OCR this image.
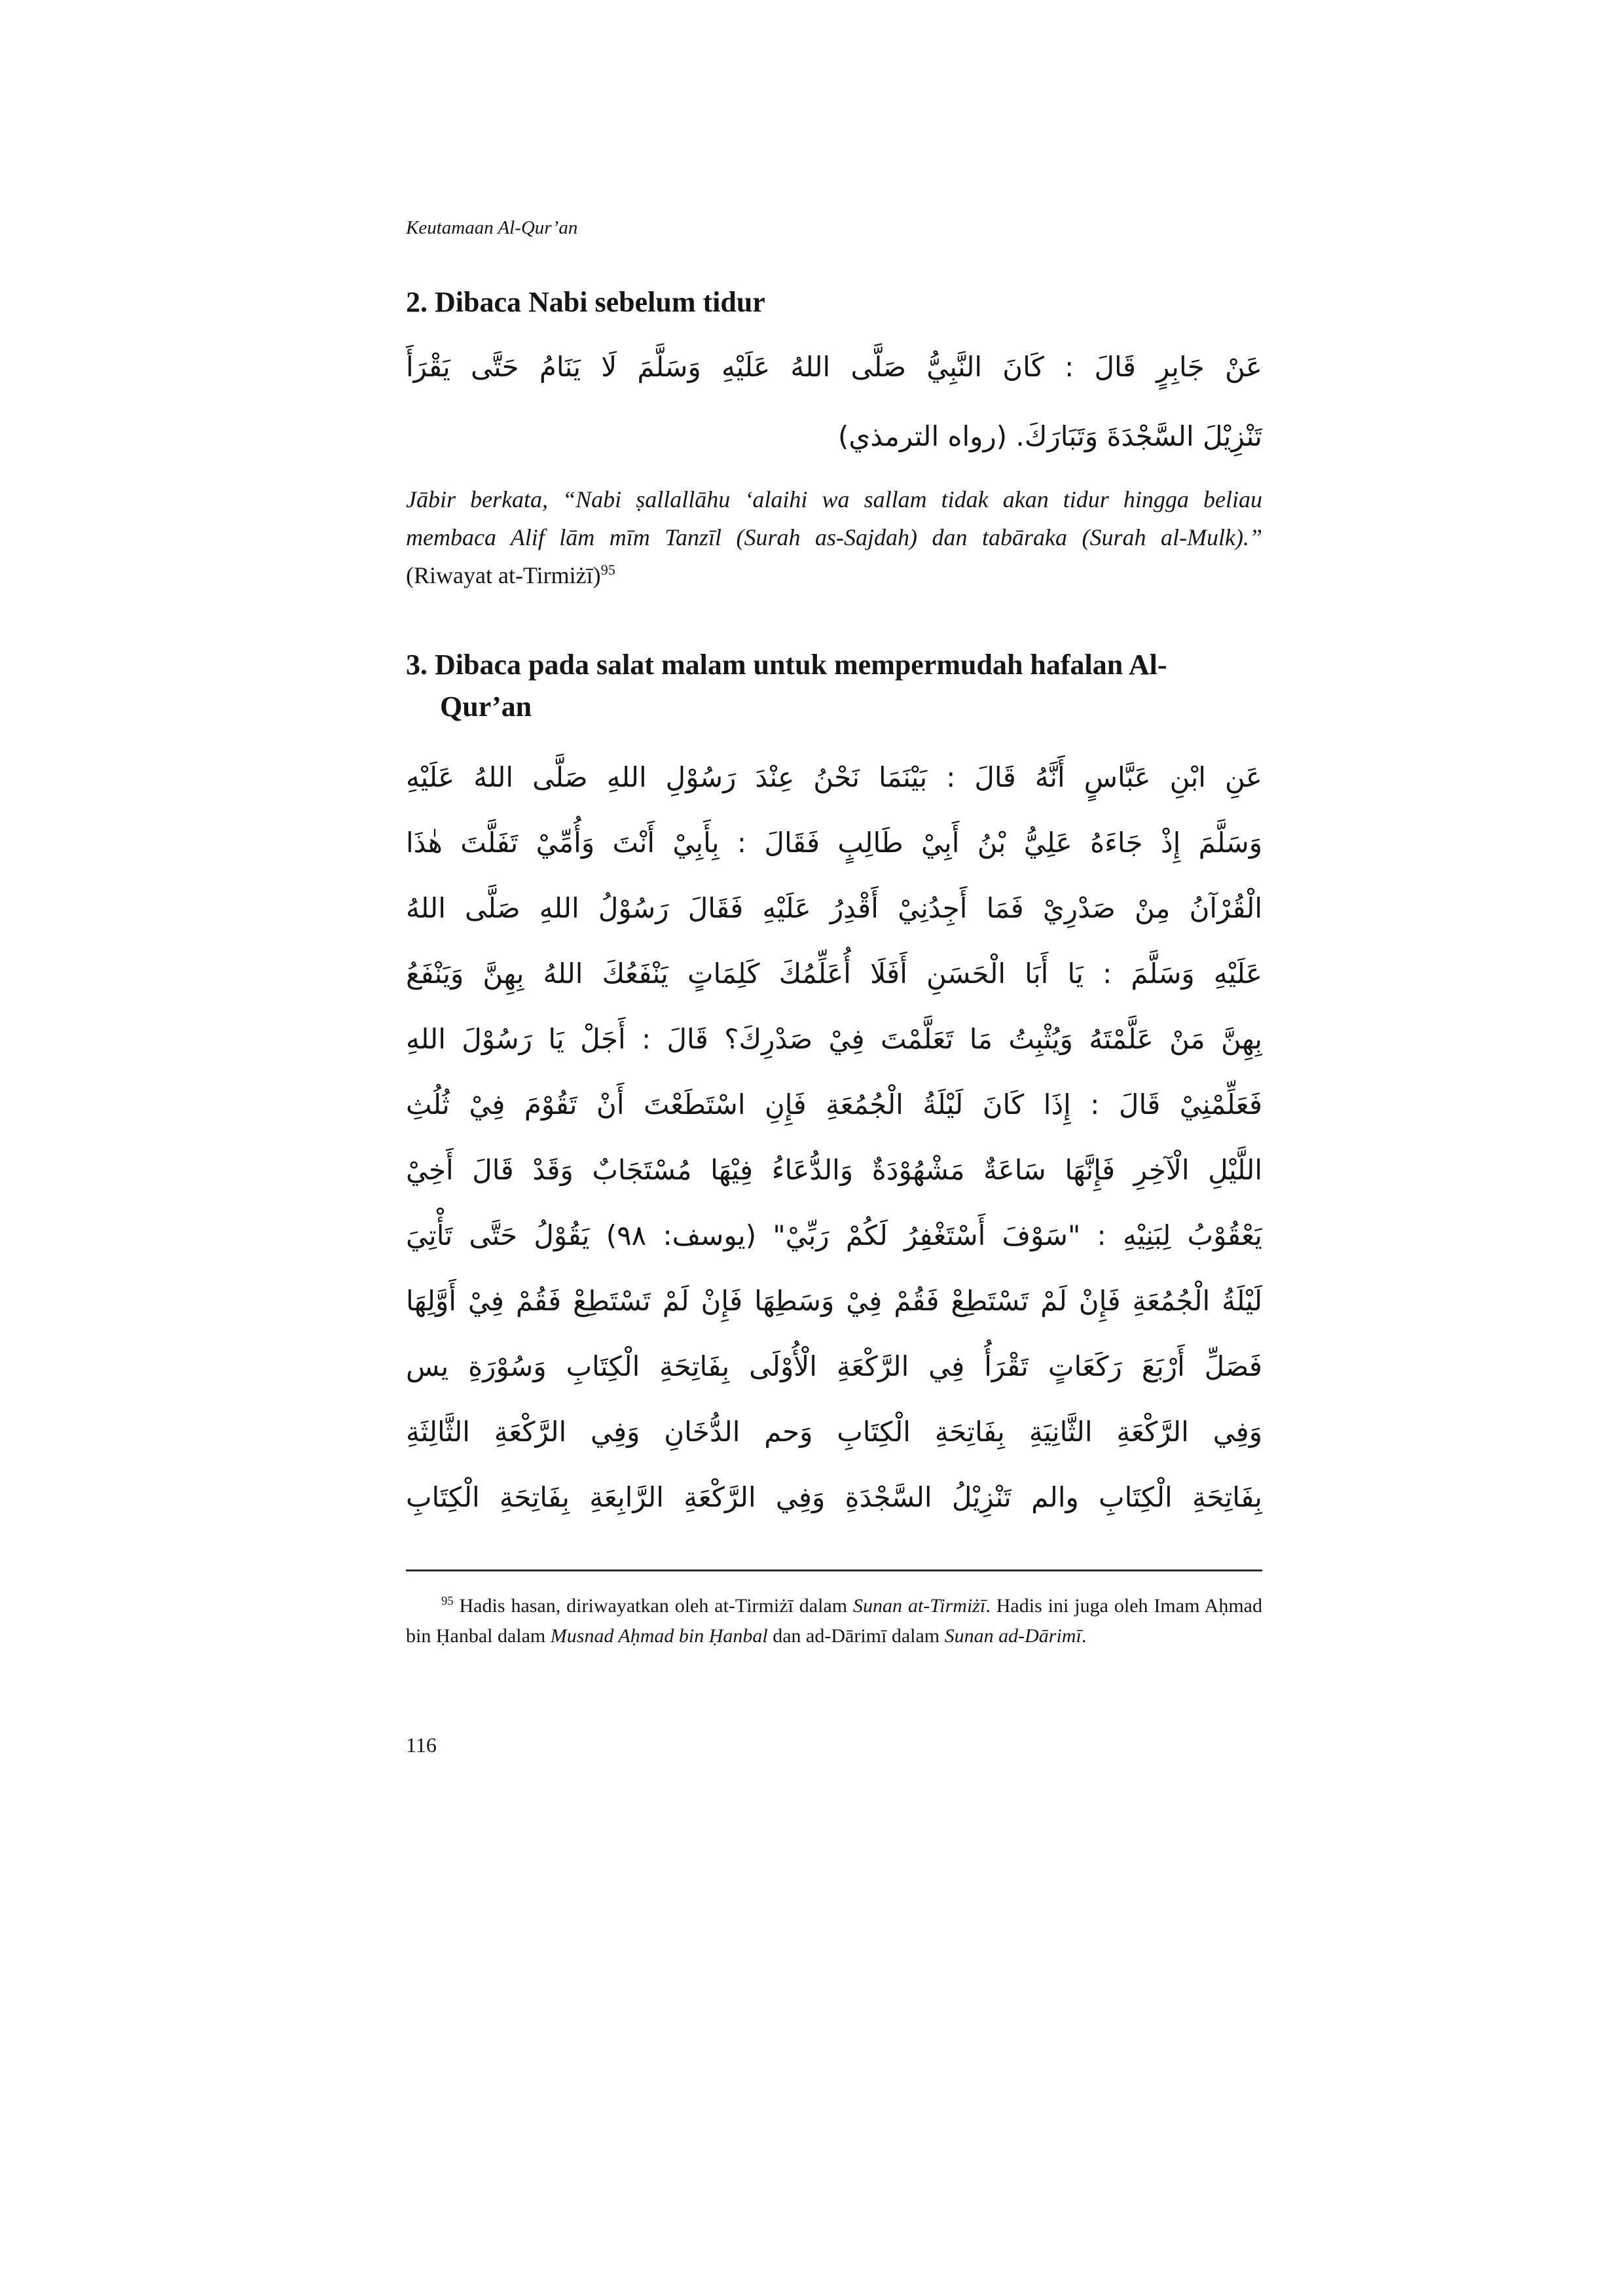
Keutamaan Al-Qur’an
2. Dibaca Nabi sebelum tidur
عَنْ جَابِرٍ قَالَ : كَانَ النَّبِيُّ صَلَّى اللهُ عَلَيْهِ وَسَلَّمَ لَا يَنَامُ حَتَّى يَقْرَأَ
تَنْزِيْلَ السَّجْدَةَ وَتَبَارَكَ. (رواه الترمذي)

Jābir berkata, “Nabi ṣallallāhu ‘alaihi wa sallam tidak akan tidur hingga beliau membaca Alif lām mīm Tanzīl (Surah as-Sajdah) dan tabāraka (Surah al-Mulk).” (Riwayat at-Tirmiżī)$^{95}$

3. Dibaca pada salat malam untuk mempermudah hafalan Al-
Qur’an
عَنِ ابْنِ عَبَّاسٍ أَنَّهُ قَالَ : بَيْنَمَا نَحْنُ عِنْدَ رَسُوْلِ اللهِ صَلَّى اللهُ عَلَيْهِ
وَسَلَّمَ إِذْ جَاءَهُ عَلِيُّ بْنُ أَبِيْ طَالِبٍ فَقَالَ : بِأَبِيْ أَنْتَ وَأُمِّيْ تَفَلَّتَ هٰذَا
الْقُرْآنُ مِنْ صَدْرِيْ فَمَا أَجِدُنِيْ أَقْدِرُ عَلَيْهِ فَقَالَ رَسُوْلُ اللهِ صَلَّى اللهُ
عَلَيْهِ وَسَلَّمَ : يَا أَبَا الْحَسَنِ أَفَلَا أُعَلِّمُكَ كَلِمَاتٍ يَنْفَعُكَ اللهُ بِهِنَّ وَيَنْفَعُ
بِهِنَّ مَنْ عَلَّمْتَهُ وَيُثْبِتُ مَا تَعَلَّمْتَ فِيْ صَدْرِكَ؟ قَالَ : أَجَلْ يَا رَسُوْلَ اللهِ
فَعَلِّمْنِيْ قَالَ : إِذَا كَانَ لَيْلَةُ الْجُمُعَةِ فَإِنِ اسْتَطَعْتَ أَنْ تَقُوْمَ فِيْ ثُلُثِ
اللَّيْلِ الْآخِرِ فَإِنَّهَا سَاعَةٌ مَشْهُوْدَةٌ وَالدُّعَاءُ فِيْهَا مُسْتَجَابٌ وَقَدْ قَالَ أَخِيْ
يَعْقُوْبُ لِبَنِيْهِ : "سَوْفَ أَسْتَغْفِرُ لَكُمْ رَبِّيْ" (يوسف: ٩٨) يَقُوْلُ حَتَّى تَأْتِيَ
لَيْلَةُ الْجُمُعَةِ فَإِنْ لَمْ تَسْتَطِعْ فَقُمْ فِيْ وَسَطِهَا فَإِنْ لَمْ تَسْتَطِعْ فَقُمْ فِيْ أَوَّلِهَا
فَصَلِّ أَرْبَعَ رَكَعَاتٍ تَقْرَأُ فِي الرَّكْعَةِ الْأُوْلَى بِفَاتِحَةِ الْكِتَابِ وَسُوْرَةِ يس
وَفِي الرَّكْعَةِ الثَّانِيَةِ بِفَاتِحَةِ الْكِتَابِ وَحم الدُّخَانِ وَفِي الرَّكْعَةِ الثَّالِثَةِ
بِفَاتِحَةِ الْكِتَابِ والم تَنْزِيْلُ السَّجْدَةِ وَفِي الرَّكْعَةِ الرَّابِعَةِ بِفَاتِحَةِ الْكِتَابِ

$^{95}$ Hadis hasan, diriwayatkan oleh at-Tirmiżī dalam Sunan at-Tirmiżī. Hadis ini juga oleh Imam Aḥmad bin Ḥanbal dalam Musnad Aḥmad bin Ḥanbal dan ad-Dārimī dalam Sunan ad-Dārimī.

116
